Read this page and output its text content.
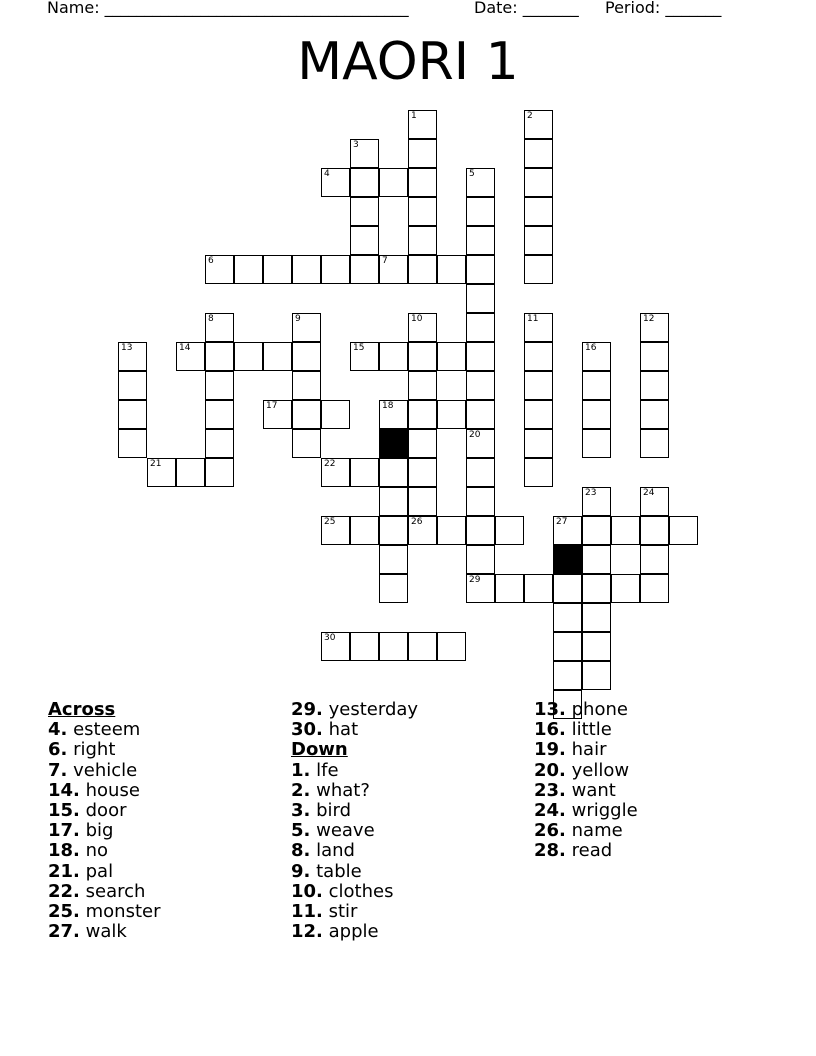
Name: ______________________________________

	Date: _______

Period: _______

MAORI 1
1	2
3
4	5
6	7
8	9	10
26
11	12
13	14	15	16
17	18
20
21	22
23	24
25	27
29
30
Across
4. esteem
6. right
7. vehicle
14. house
15. door
17. big
18. no
21. pal
22. search
25. monster
27. walk
29. yesterday
30. hat
Down
1. lfe
2. what?
3. bird
5. weave
8. land
9. table
10. clothes
11. stir
12. apple
13. phone
16. little
19. hair
20. yellow
23. want
24. wriggle
26. name
28. read
